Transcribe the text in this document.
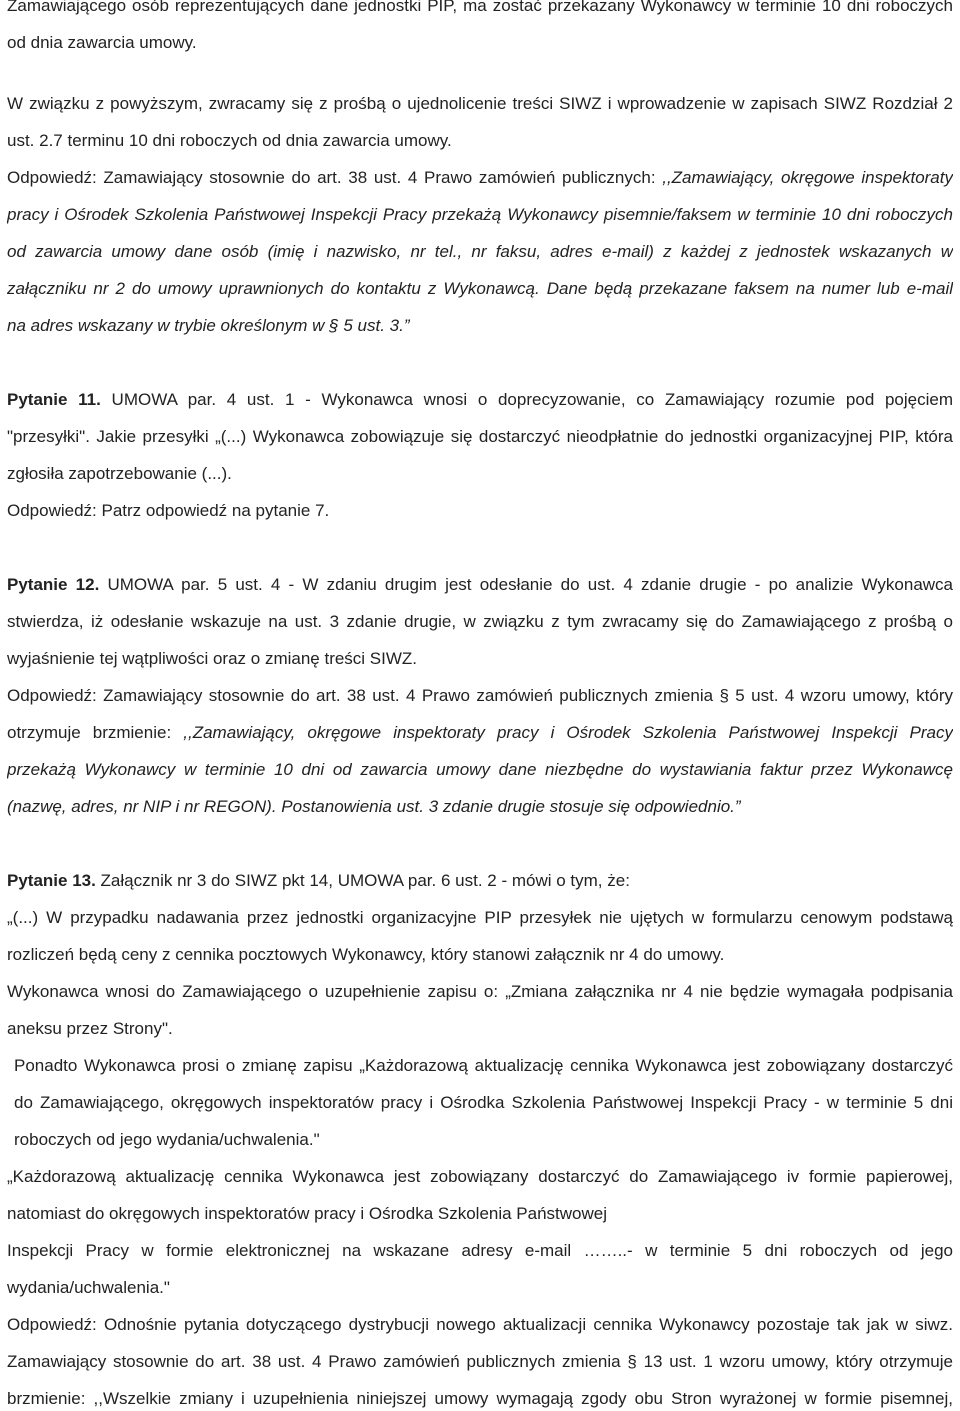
Zamawiającego osób reprezentujących dane jednostki PIP, ma zostać przekazany Wykonawcy w terminie 10 dni roboczych
od dnia zawarcia umowy.
W związku z powyższym, zwracamy się z prośbą o ujednolicenie treści SIWZ i wprowadzenie w zapisach SIWZ Rozdział 2
ust. 2.7 terminu 10 dni roboczych od dnia zawarcia umowy.
Odpowiedź: Zamawiający stosownie do art. 38 ust. 4 Prawo zamówień publicznych: ,,Zamawiający, okręgowe inspektoraty
pracy i Ośrodek Szkolenia Państwowej Inspekcji Pracy przekażą Wykonawcy pisemnie/faksem w terminie 10 dni roboczych
od zawarcia umowy dane osób (imię i nazwisko, nr tel., nr faksu, adres e-mail) z każdej z jednostek wskazanych w
załączniku nr 2 do umowy uprawnionych do kontaktu z Wykonawcą. Dane będą przekazane faksem na numer lub e-mail
na adres wskazany w trybie określonym w § 5 ust. 3.”
Pytanie 11. UMOWA par. 4 ust. 1 - Wykonawca wnosi o doprecyzowanie, co Zamawiający rozumie pod pojęciem
"przesyłki". Jakie przesyłki „(...) Wykonawca zobowiązuje się dostarczyć nieodpłatnie do jednostki organizacyjnej PIP, która
zgłosiła zapotrzebowanie (...).
Odpowiedź: Patrz odpowiedź na pytanie 7.
Pytanie 12. UMOWA par. 5 ust. 4 - W zdaniu drugim jest odesłanie do ust. 4 zdanie drugie - po analizie Wykonawca
stwierdza, iż odesłanie wskazuje na ust. 3 zdanie drugie, w związku z tym zwracamy się do Zamawiającego z prośbą o
wyjaśnienie tej wątpliwości oraz o zmianę treści SIWZ.
Odpowiedź: Zamawiający stosownie do art. 38 ust. 4 Prawo zamówień publicznych zmienia § 5 ust. 4 wzoru umowy, który
otrzymuje brzmienie: ,,Zamawiający, okręgowe inspektoraty pracy i Ośrodek Szkolenia Państwowej Inspekcji Pracy
przekażą Wykonawcy w terminie 10 dni od zawarcia umowy dane niezbędne do wystawiania faktur przez Wykonawcę
(nazwę, adres, nr NIP i nr REGON). Postanowienia ust. 3 zdanie drugie stosuje się odpowiednio.”
Pytanie 13. Załącznik nr 3 do SIWZ pkt 14, UMOWA par. 6 ust. 2 - mówi o tym, że:
„(...) W przypadku nadawania przez jednostki organizacyjne PIP przesyłek nie ujętych w formularzu cenowym podstawą
rozliczeń będą ceny z cennika pocztowych Wykonawcy, który stanowi załącznik nr 4 do umowy.
Wykonawca wnosi do Zamawiającego o uzupełnienie zapisu o: „Zmiana załącznika nr 4 nie będzie wymagała podpisania
aneksu przez Strony".
Ponadto Wykonawca prosi o zmianę zapisu „Każdorazową aktualizację cennika Wykonawca jest zobowiązany dostarczyć
do Zamawiającego, okręgowych inspektoratów pracy i Ośrodka Szkolenia Państwowej Inspekcji Pracy - w terminie 5 dni
roboczych od jego wydania/uchwalenia."
„Każdorazową aktualizację cennika Wykonawca jest zobowiązany dostarczyć do Zamawiającego iv formie papierowej,
natomiast do okręgowych inspektoratów pracy i Ośrodka Szkolenia Państwowej
Inspekcji Pracy w formie elektronicznej na wskazane adresy e-mail ……..- w terminie 5 dni roboczych od jego
wydania/uchwalenia."
Odpowiedź: Odnośnie pytania dotyczącego dystrybucji nowego aktualizacji cennika Wykonawcy pozostaje tak jak w siwz.
Zamawiający stosownie do art. 38 ust. 4 Prawo zamówień publicznych zmienia § 13 ust. 1 wzoru umowy, który otrzymuje
brzmienie: ,,Wszelkie zmiany i uzupełnienia niniejszej umowy wymagają zgody obu Stron wyrażonej w formie pisemnej,
